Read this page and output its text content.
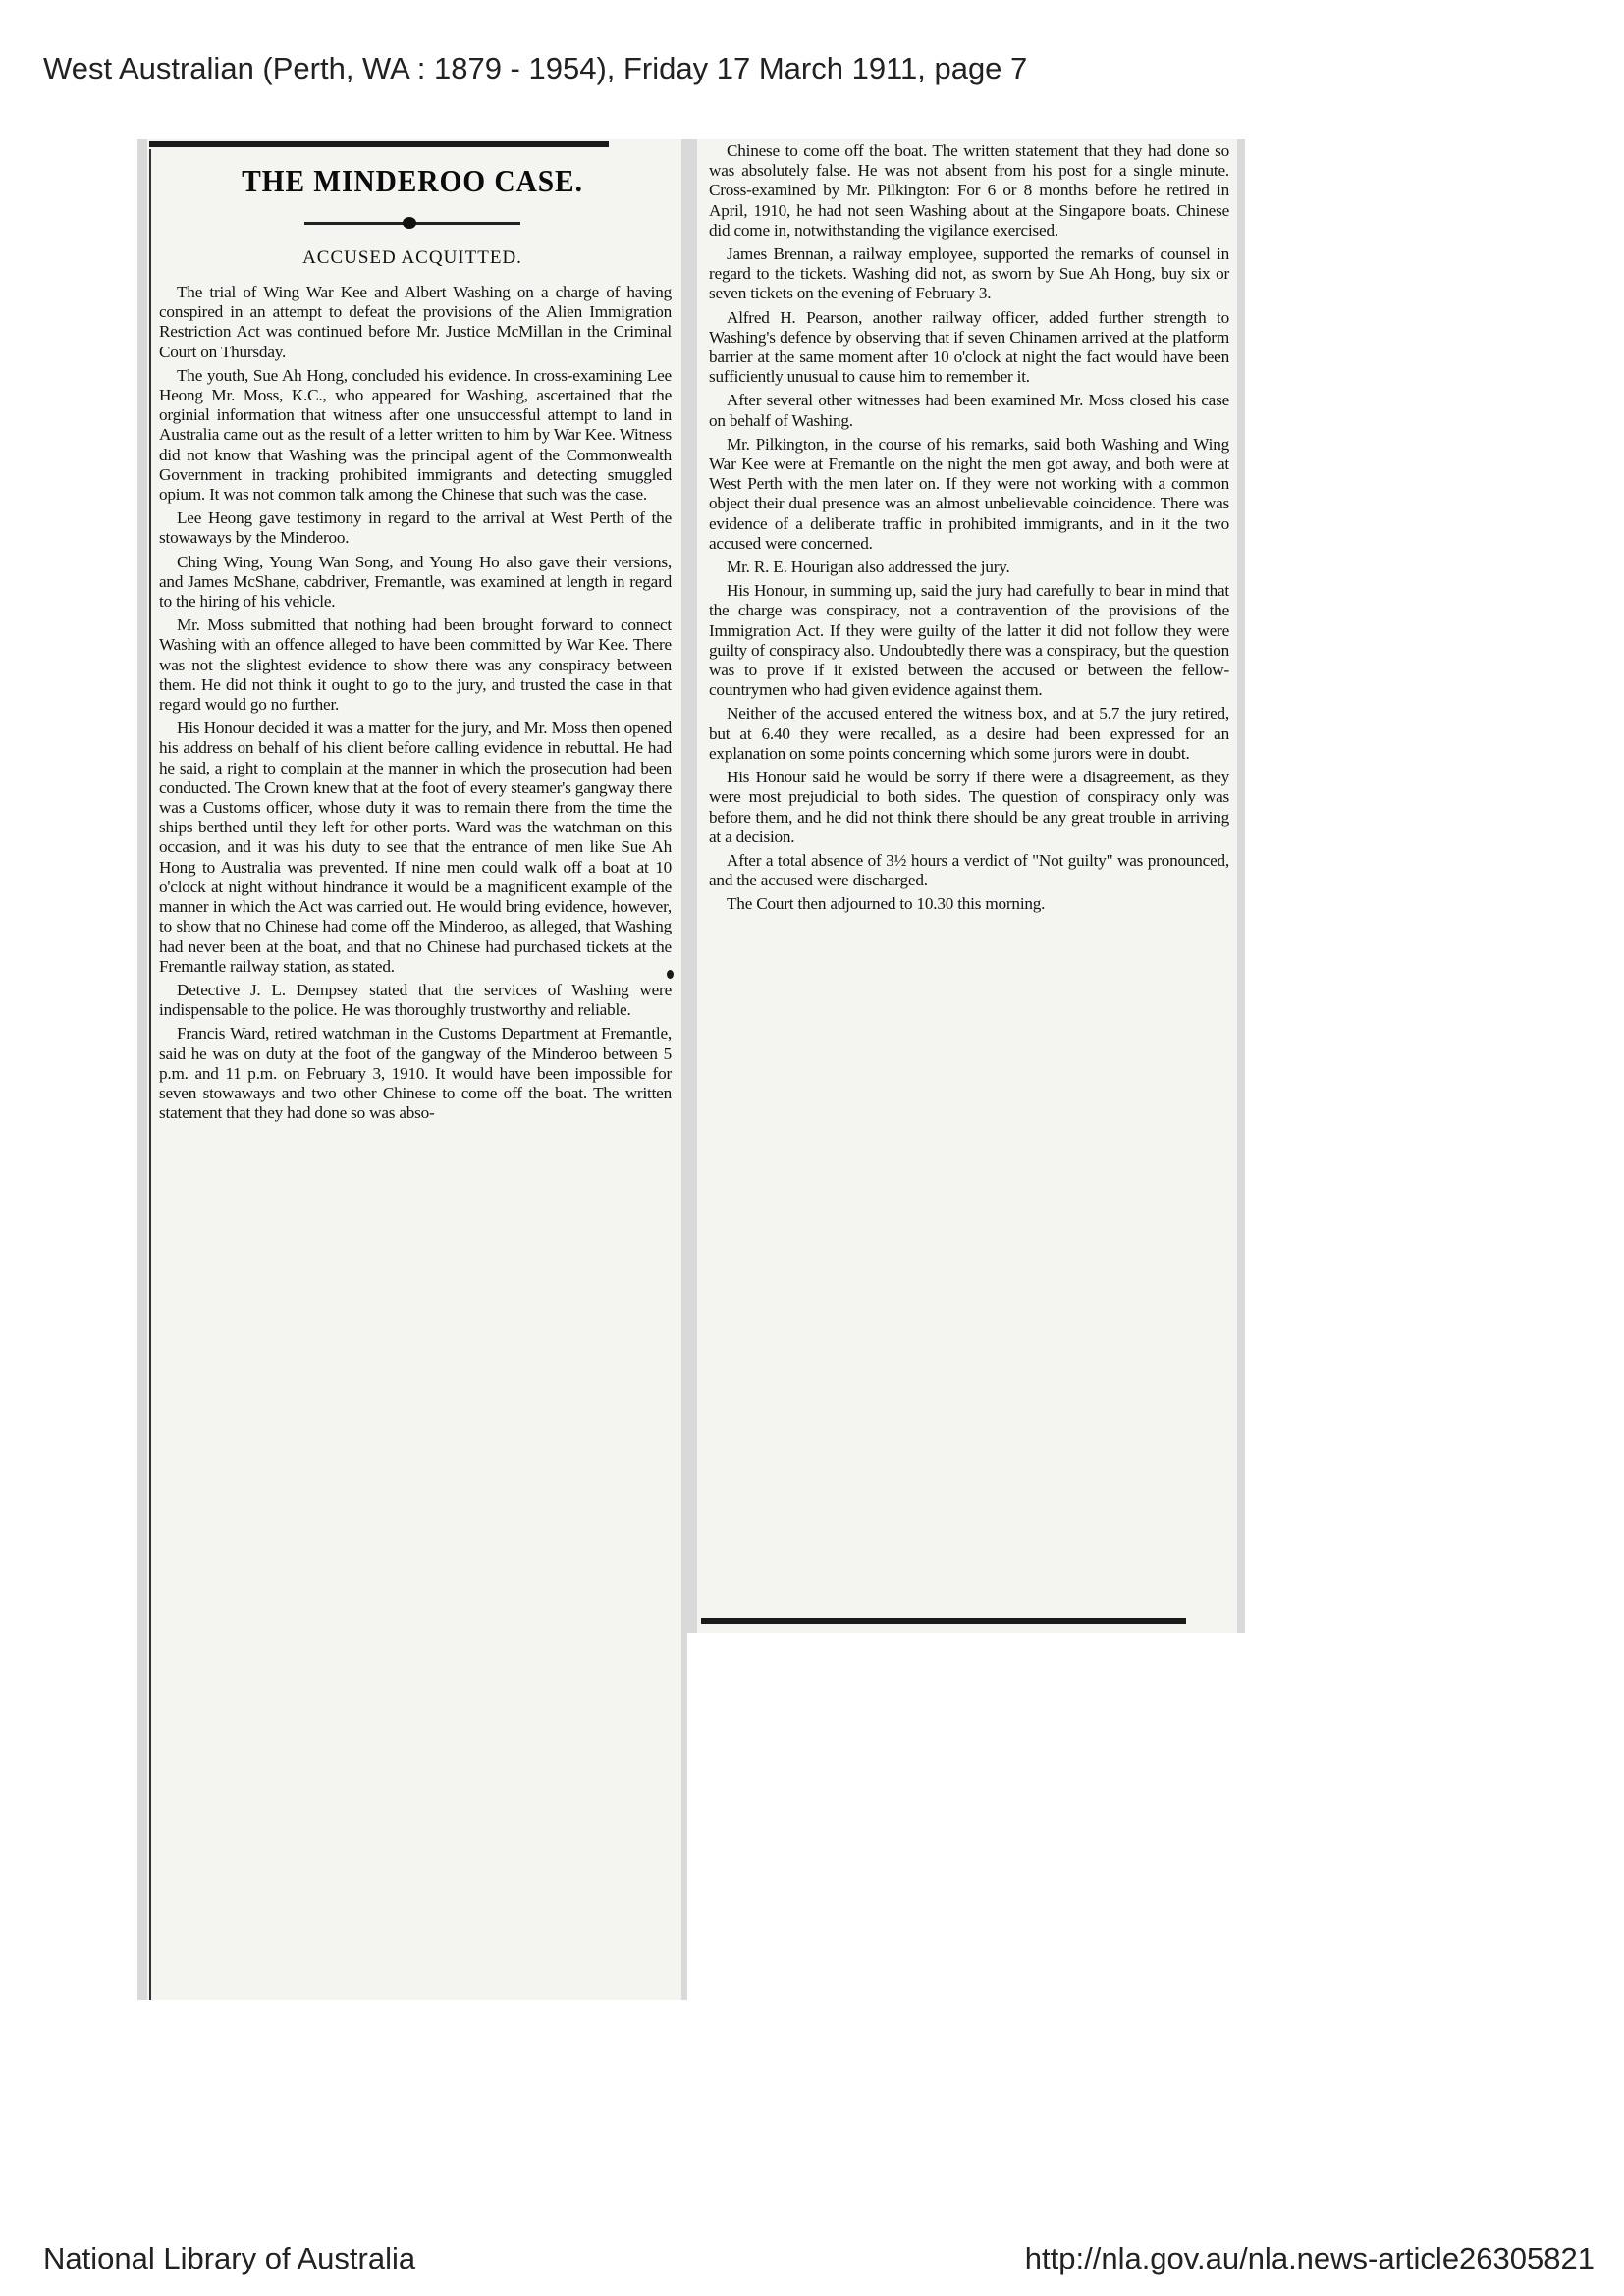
West Australian (Perth, WA : 1879 - 1954), Friday 17 March 1911, page 7
THE MINDEROO CASE.
ACCUSED ACQUITTED.

The trial of Wing War Kee and Albert Washing on a charge of having conspired in an attempt to defeat the provisions of the Alien Immigration Restriction Act was continued before Mr. Justice McMillan in the Criminal Court on Thursday.

The youth, Sue Ah Hong, concluded his evidence. In cross-examining Lee Heong Mr. Moss, K.C., who appeared for Washing, ascertained that the orginial information that witness after one unsuccessful attempt to land in Australia came out as the result of a letter written to him by War Kee. Witness did not know that Washing was the principal agent of the Commonwealth Government in tracking prohibited immigrants and detecting smuggled opium. It was not common talk among the Chinese that such was the case.

Lee Heong gave testimony in regard to the arrival at West Perth of the stowaways by the Minderoo.

Ching Wing, Young Wan Song, and Young Ho also gave their versions, and James McShane, cabdriver, Fremantle, was examined at length in regard to the hiring of his vehicle.

Mr. Moss submitted that nothing had been brought forward to connect Washing with an offence alleged to have been committed by War Kee. There was not the slightest evidence to show there was any conspiracy between them. He did not think it ought to go to the jury, and trusted the case in that regard would go no further.

His Honour decided it was a matter for the jury, and Mr. Moss then opened his address on behalf of his client before calling evidence in rebuttal. He had he said, a right to complain at the manner in which the prosecution had been conducted. The Crown knew that at the foot of every steamer's gangway there was a Customs officer, whose duty it was to remain there from the time the ships berthed until they left for other ports. Ward was the watchman on this occasion, and it was his duty to see that the entrance of men like Sue Ah Hong to Australia was prevented. If nine men could walk off a boat at 10 o'clock at night without hindrance it would be a magnificent example of the manner in which the Act was carried out. He would bring evidence, however, to show that no Chinese had come off the Minderoo, as alleged, that Washing had never been at the boat, and that no Chinese had purchased tickets at the Fremantle railway station, as stated.

Detective J. L. Dempsey stated that the services of Washing were indispensable to the police. He was thoroughly trustworthy and reliable.

Francis Ward, retired watchman in the Customs Department at Fremantle, said he was on duty at the foot of the gangway of the Minderoo between 5 p.m. and 11 p.m. on February 3, 1910. It would have been impossible for seven stowaways and two other Chinese to come off the boat. The written statement that they had done so was abso-

Chinese to come off the boat. The written statement that they had done so was absolutely false. He was not absent from his post for a single minute. Cross-examined by Mr. Pilkington: For 6 or 8 months before he retired in April, 1910, he had not seen Washing about at the Singapore boats. Chinese did come in, notwithstanding the vigilance exercised.

James Brennan, a railway employee, supported the remarks of counsel in regard to the tickets. Washing did not, as sworn by Sue Ah Hong, buy six or seven tickets on the evening of February 3.

Alfred H. Pearson, another railway officer, added further strength to Washing's defence by observing that if seven Chinamen arrived at the platform barrier at the same moment after 10 o'clock at night the fact would have been sufficiently unusual to cause him to remember it.

After several other witnesses had been examined Mr. Moss closed his case on behalf of Washing.

Mr. Pilkington, in the course of his remarks, said both Washing and Wing War Kee were at Fremantle on the night the men got away, and both were at West Perth with the men later on. If they were not working with a common object their dual presence was an almost unbelievable coincidence. There was evidence of a deliberate traffic in prohibited immigrants, and in it the two accused were concerned.

Mr. R. E. Hourigan also addressed the jury.

His Honour, in summing up, said the jury had carefully to bear in mind that the charge was conspiracy, not a contravention of the provisions of the Immigration Act. If they were guilty of the latter it did not follow they were guilty of conspiracy also. Undoubtedly there was a conspiracy, but the question was to prove if it existed between the accused or between the fellow-countrymen who had given evidence against them.

Neither of the accused entered the witness box, and at 5.7 the jury retired, but at 6.40 they were recalled, as a desire had been expressed for an explanation on some points concerning which some jurors were in doubt.

His Honour said he would be sorry if there were a disagreement, as they were most prejudicial to both sides. The question of conspiracy only was before them, and he did not think there should be any great trouble in arriving at a decision.

After a total absence of 3½ hours a verdict of "Not guilty" was pronounced, and the accused were discharged.

The Court then adjourned to 10.30 this morning.

National Library of Australia	http://nla.gov.au/nla.news-article26305821
